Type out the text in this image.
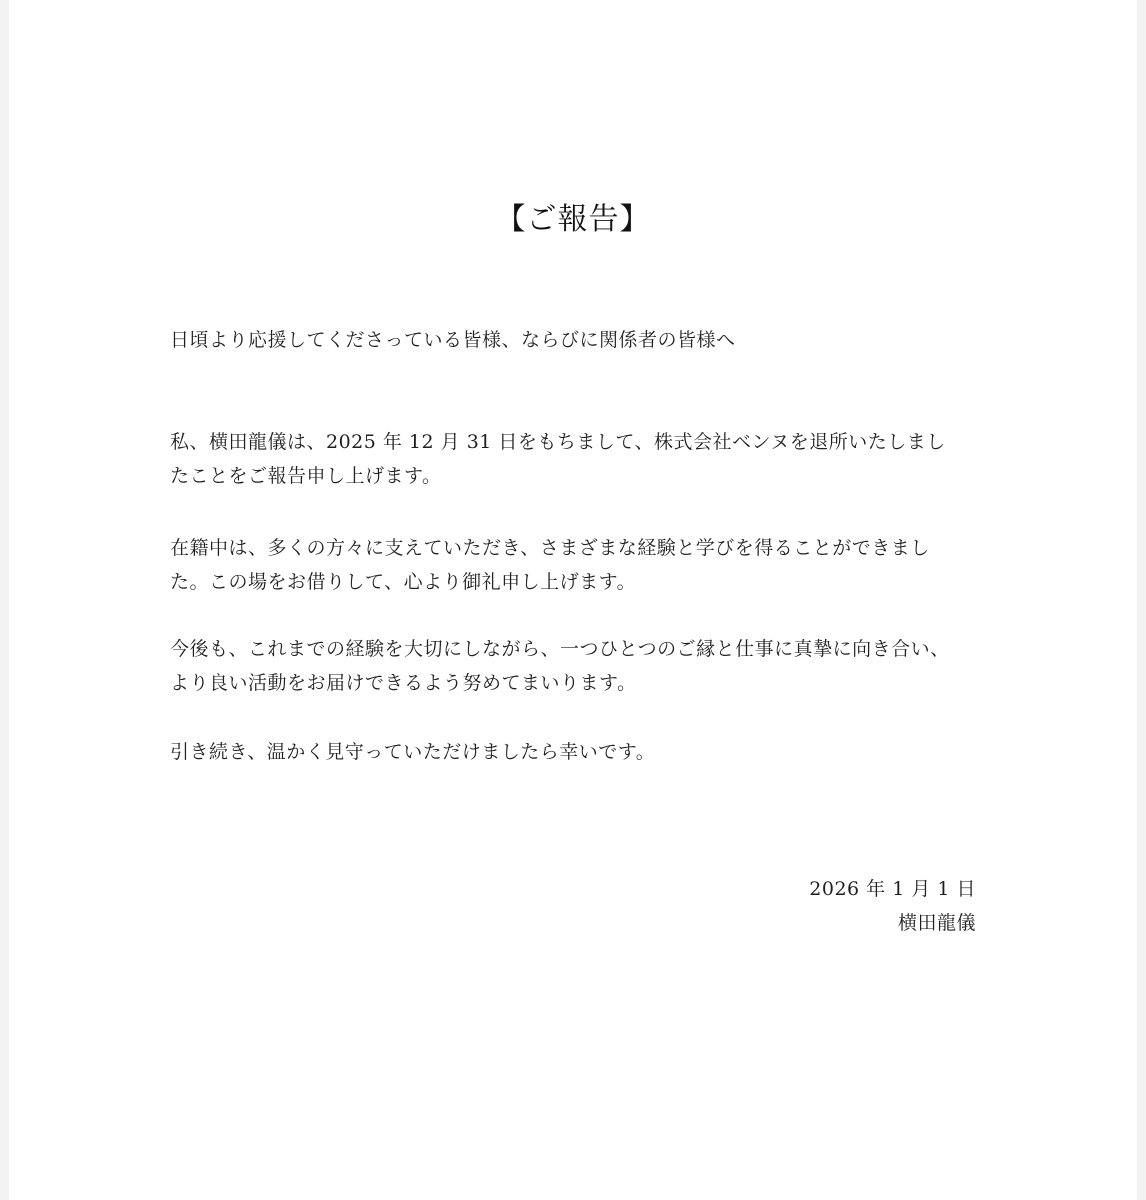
【ご報告】

日頃より応援してくださっている皆様、ならびに関係者の皆様へ

私、横田龍儀は、2025 年 12 月 31 日をもちまして、株式会社ベンヌを退所いたしまし
たことをご報告申し上げます。

在籍中は、多くの方々に支えていただき、さまざまな経験と学びを得ることができまし
た。この場をお借りして、心より御礼申し上げます。

今後も、これまでの経験を大切にしながら、一つひとつのご縁と仕事に真摯に向き合い、
より良い活動をお届けできるよう努めてまいります。

引き続き、温かく見守っていただけましたら幸いです。

2026 年 1 月 1 日
横田龍儀
